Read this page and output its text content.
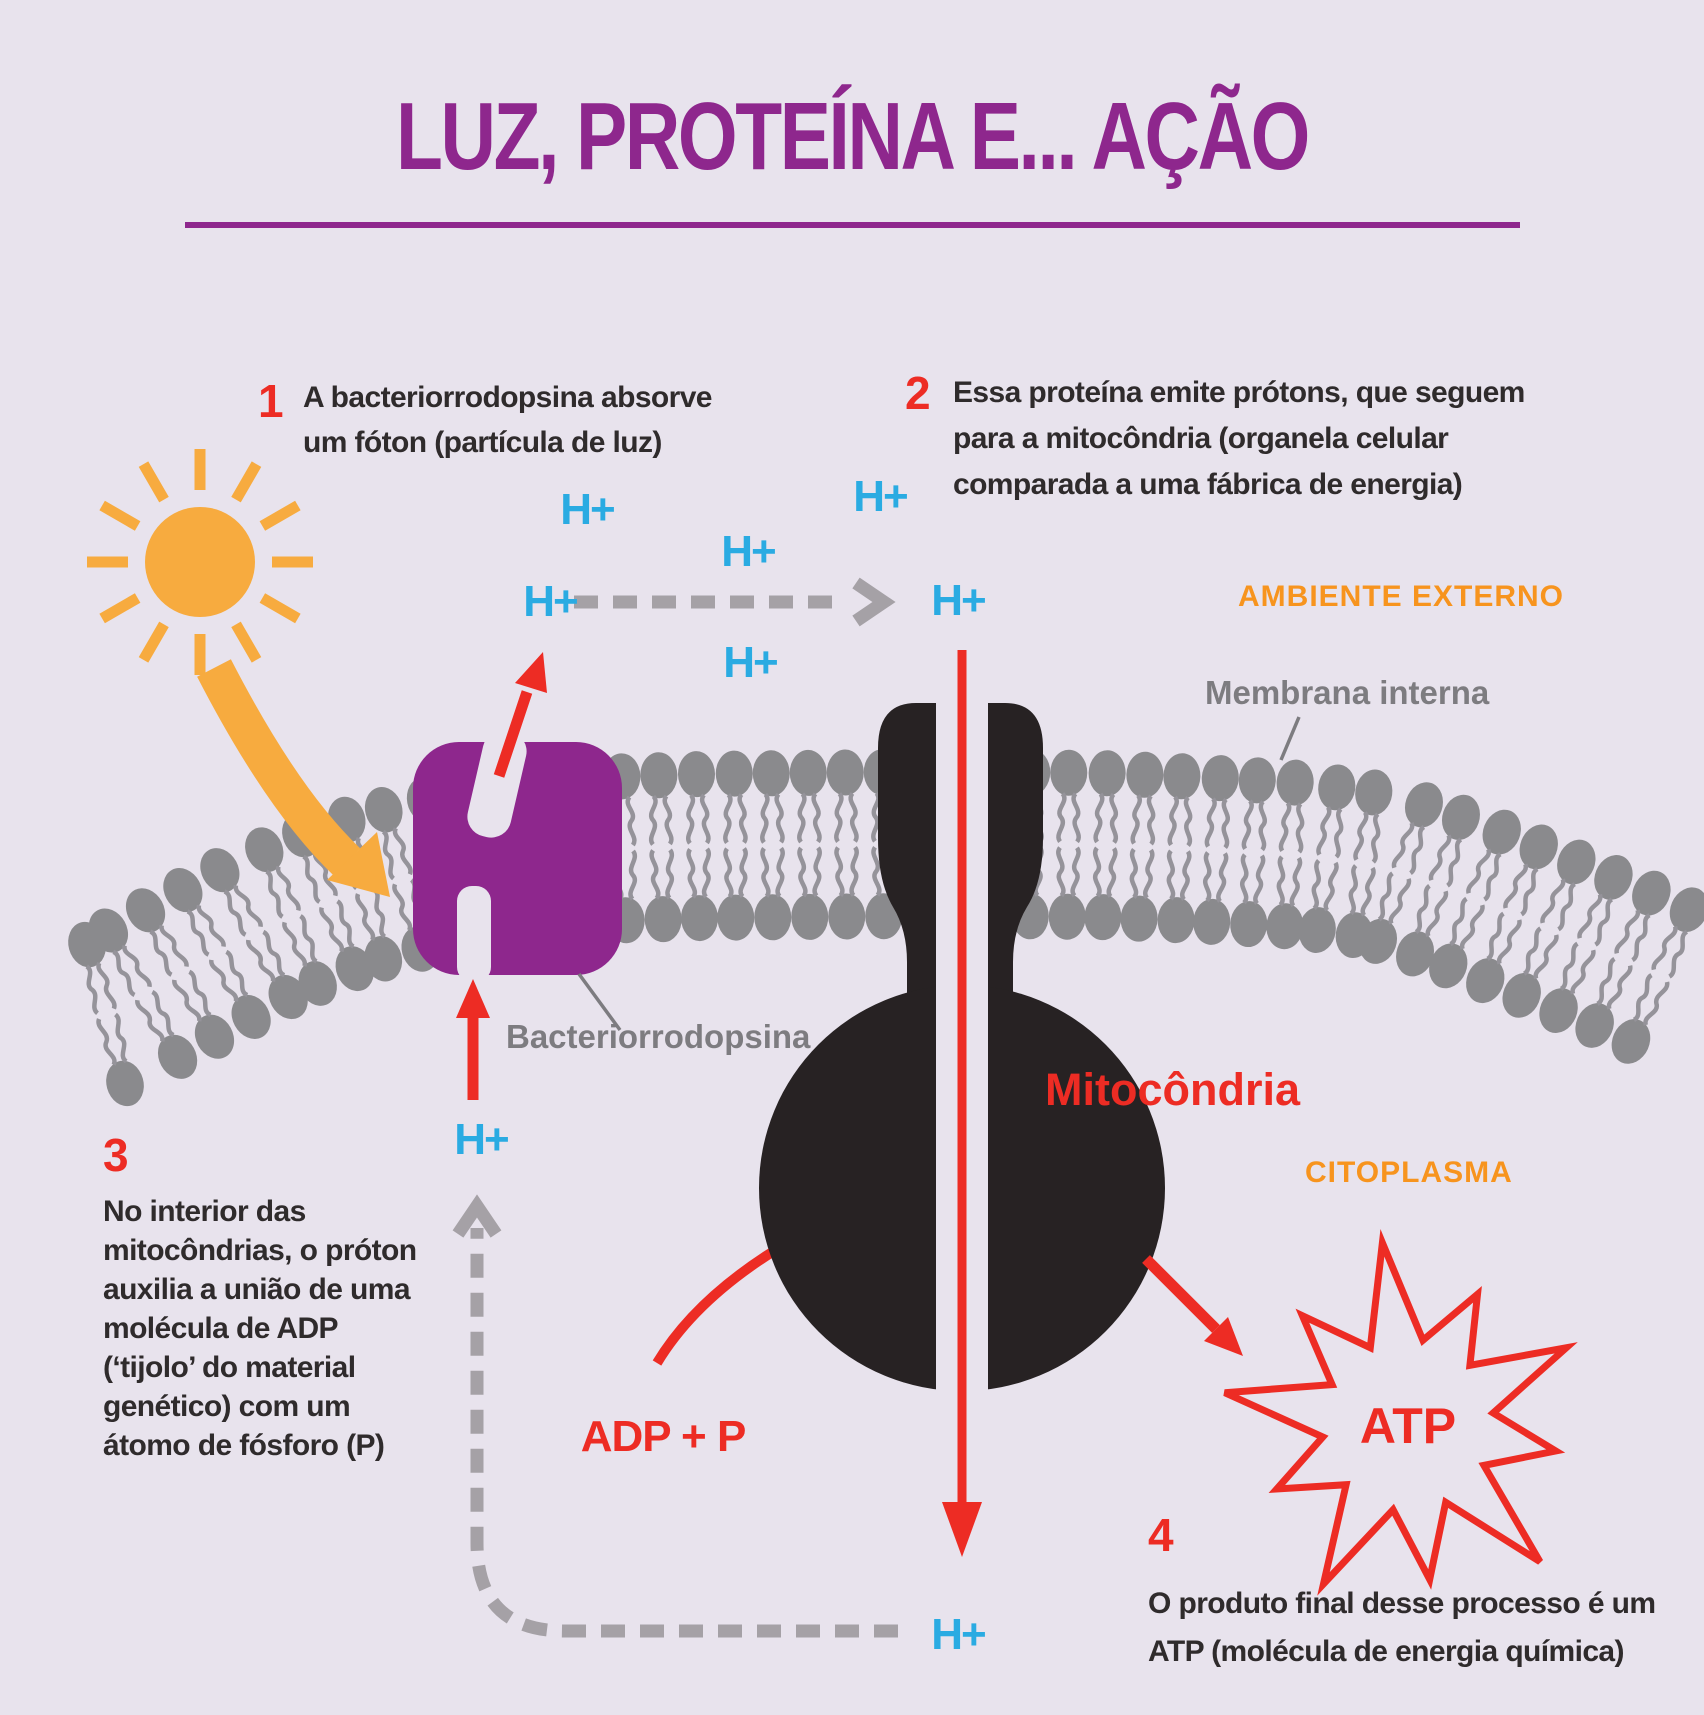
LUZ, PROTEÍNA E... AÇÃO
1 A bacteriorrodopsina absorve
um fóton (partícula de luz)
2 Essa proteína emite prótons, que seguem
para a mitocôndria (organela celular
comparada a uma fábrica de energia)
3
No interior das
mitocôndrias, o próton
auxilia a união de uma
molécula de ADP
(‘tijolo’ do material
genético) com um
átomo de fósforo (P)
4
O produto final desse processo é um
ATP (molécula de energia química)
AMBIENTE EXTERNO
CITOPLASMA
Membrana interna
Bacteriorrodopsina
Mitocôndria
ADP + P	ATP
H+	H+
H+
H+	H+
H+
H+
H+
